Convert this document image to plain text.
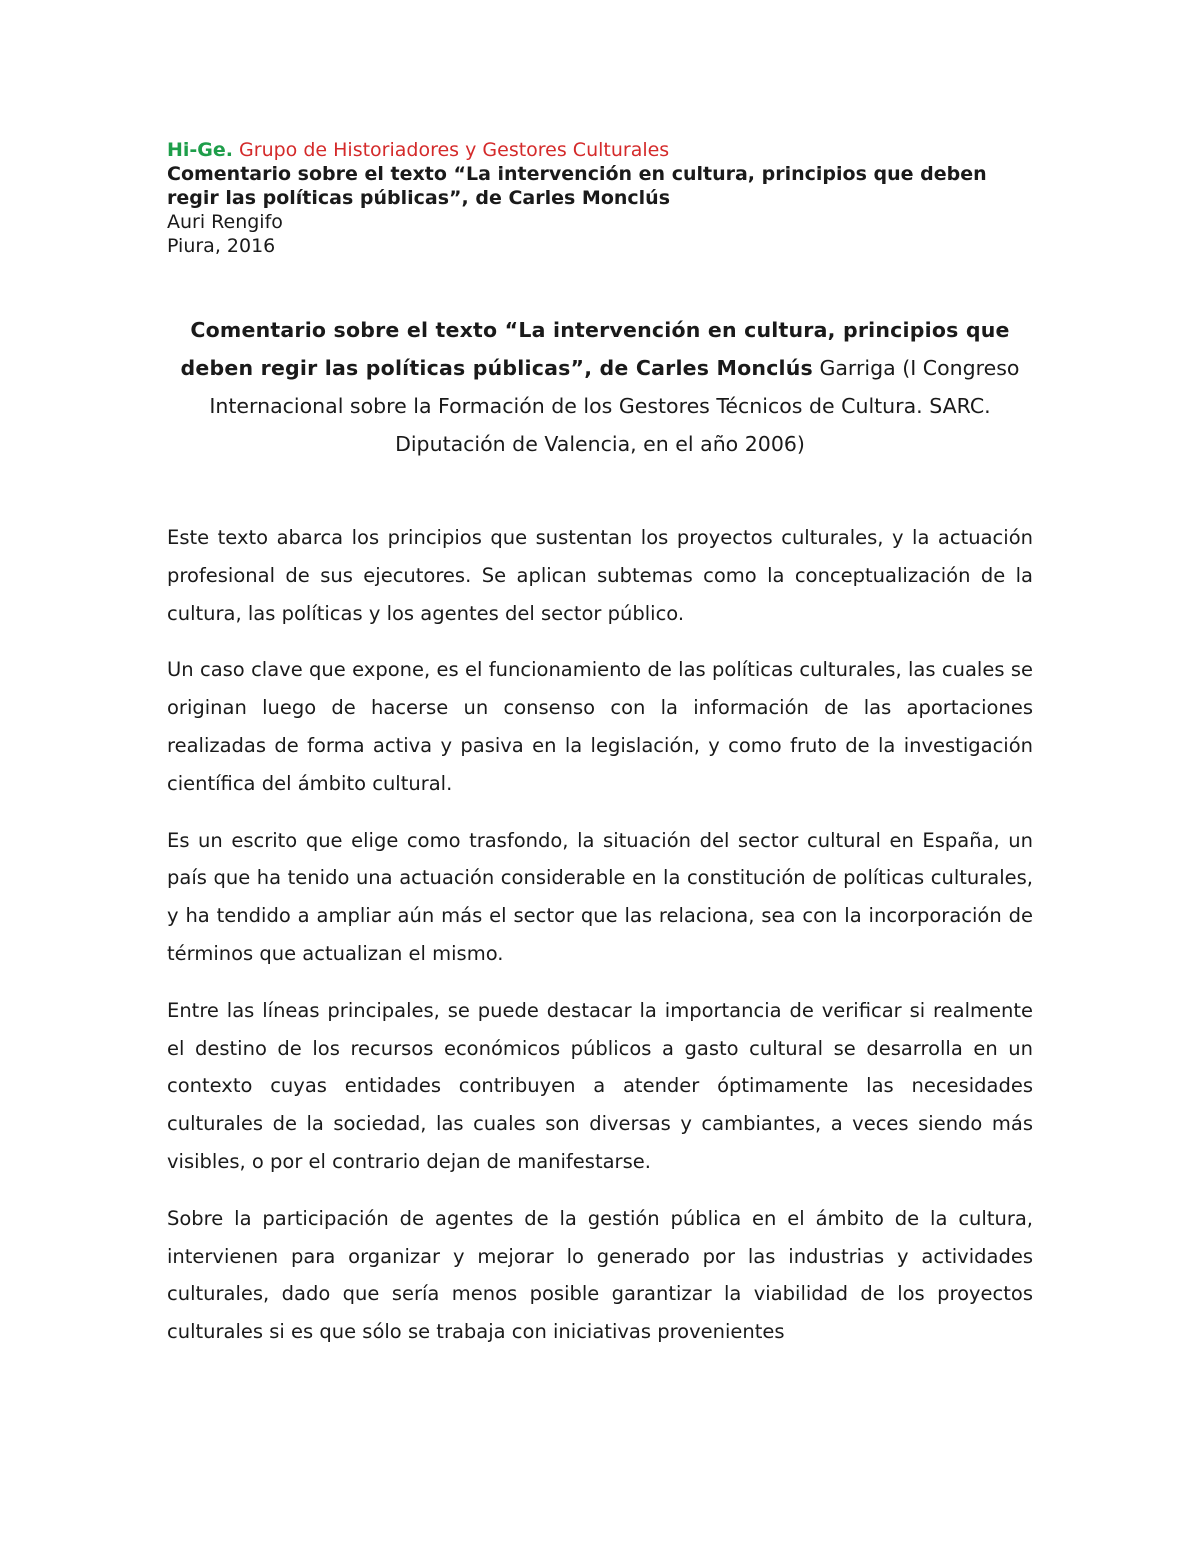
Hi-Ge. Grupo de Historiadores y Gestores Culturales
Comentario sobre el texto “La intervención en cultura, principios que deben
regir las políticas públicas”, de Carles Monclús
Auri Rengifo
Piura, 2016
Comentario sobre el texto “La intervención en cultura, principios que deben regir las políticas públicas”, de Carles Monclús Garriga (I Congreso Internacional sobre la Formación de los Gestores Técnicos de Cultura. SARC. Diputación de Valencia, en el año 2006)

Este texto abarca los principios que sustentan los proyectos culturales, y la actuación profesional de sus ejecutores. Se aplican subtemas como la conceptualización de la cultura, las políticas y los agentes del sector público.

Un caso clave que expone, es el funcionamiento de las políticas culturales, las cuales se originan luego de hacerse un consenso con la información de las aportaciones realizadas de forma activa y pasiva en la legislación, y como fruto de la investigación científica del ámbito cultural.

Es un escrito que elige como trasfondo, la situación del sector cultural en España, un país que ha tenido una actuación considerable en la constitución de políticas culturales, y ha tendido a ampliar aún más el sector que las relaciona, sea con la incorporación de términos que actualizan el mismo.

Entre las líneas principales, se puede destacar la importancia de verificar si realmente el destino de los recursos económicos públicos a gasto cultural se desarrolla en un contexto cuyas entidades contribuyen a atender óptimamente las necesidades culturales de la sociedad, las cuales son diversas y cambiantes, a veces siendo más visibles, o por el contrario dejan de manifestarse.

Sobre la participación de agentes de la gestión pública en el ámbito de la cultura, intervienen para organizar y mejorar lo generado por las industrias y actividades culturales, dado que sería menos posible garantizar la viabilidad de los proyectos culturales si es que sólo se trabaja con iniciativas provenientes
